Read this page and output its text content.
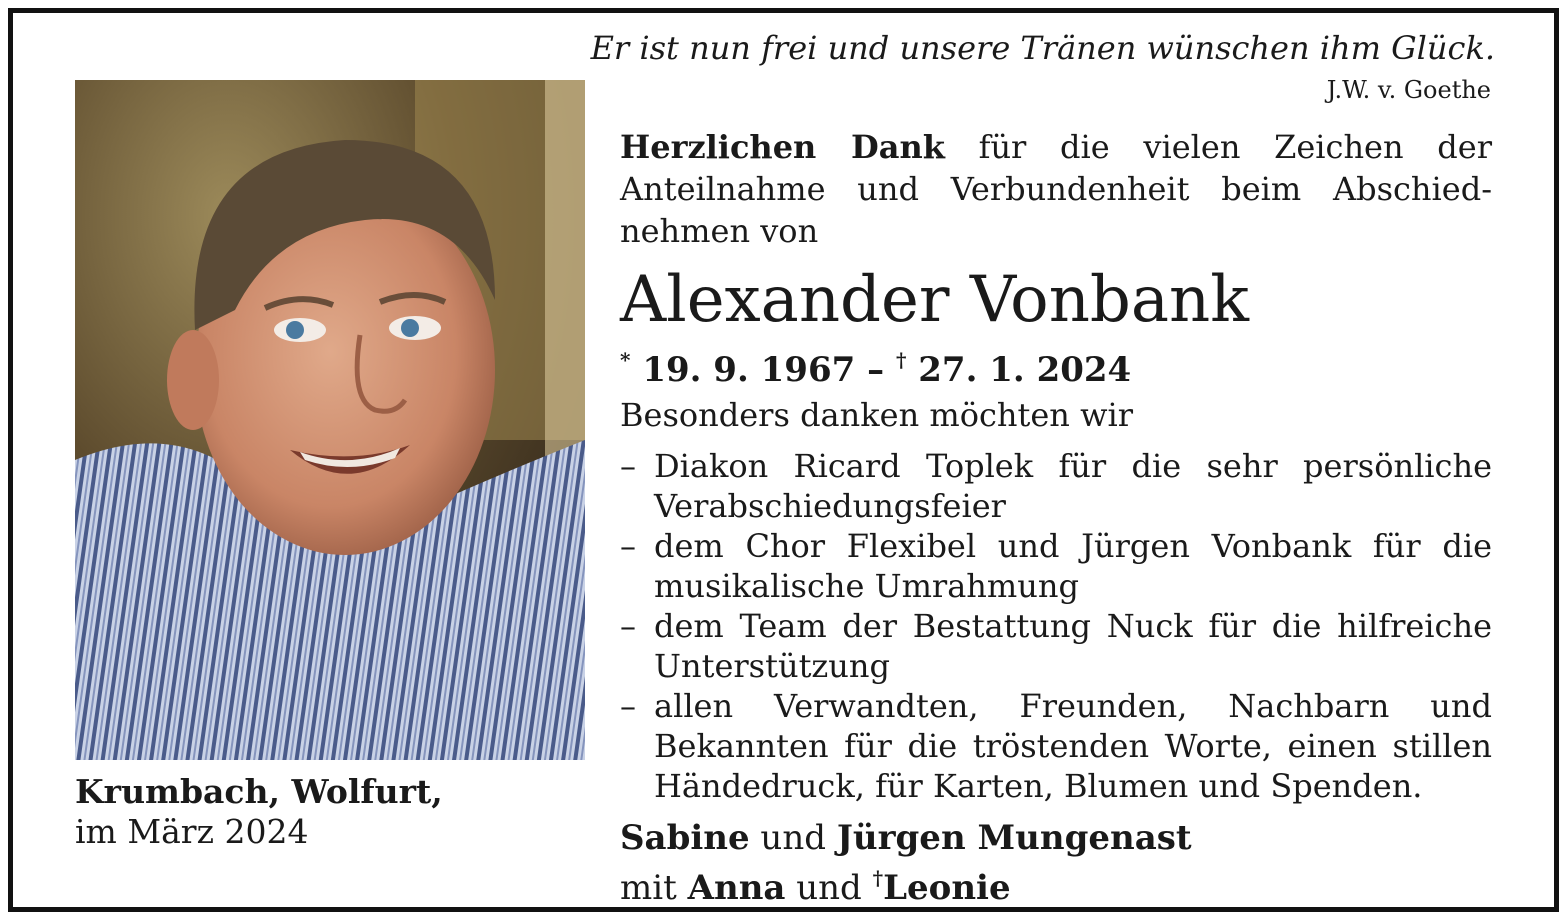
Krumbach, Wolfurt,
im März 2024
Er ist nun frei und unsere Tränen wünschen ihm Glück.
J.W. v. Goethe
Herzlichen Dank für die vielen Zeichen der Anteilnahme und Verbundenheit beim Abschied-nehmen von
Alexander Vonbank
* 19. 9. 1967 – † 27. 1. 2024
Besonders danken möchten wir
– Diakon Ricard Toplek für die sehr persönliche Verabschiedungsfeier
– dem Chor Flexibel und Jürgen Vonbank für die musikalische Umrahmung
– dem Team der Bestattung Nuck für die hilfreiche Unterstützung
– allen Verwandten, Freunden, Nachbarn und Bekannten für die tröstenden Worte, einen stillen Händedruck, für Karten, Blumen und Spenden.
Sabine und Jürgen Mungenast
mit Anna und †Leonie
